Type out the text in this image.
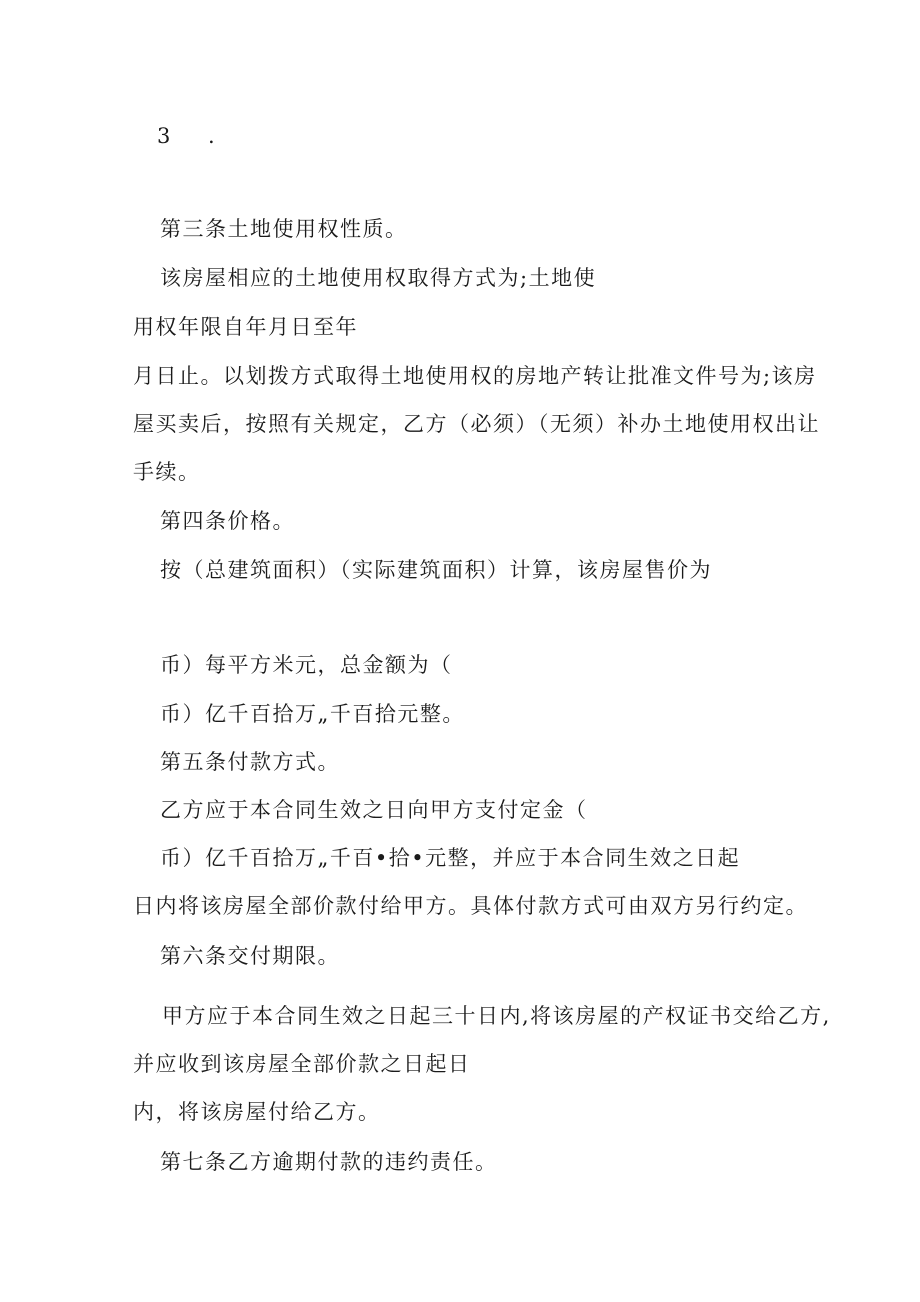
3 .
第三条土地使用权性质。
该房屋相应的土地使用权取得方式为;土地使
用权年限自年月日至年
月日止。以划拨方式取得土地使用权的房地产转让批准文件号为;该房
屋买卖后，按照有关规定，乙方（必须）（无须）补办土地使用权出让
手续。
第四条价格。
按（总建筑面积）（实际建筑面积）计算，该房屋售价为
币）每平方米元，总金额为（
币）亿千百拾万„千百拾元整。
第五条付款方式。
乙方应于本合同生效之日向甲方支付定金（
币）亿千百拾万„千百•拾•元整，并应于本合同生效之日起
日内将该房屋全部价款付给甲方。具体付款方式可由双方另行约定。
第六条交付期限。
甲方应于本合同生效之日起三十日内,将该房屋的产权证书交给乙方,
并应收到该房屋全部价款之日起日
内，将该房屋付给乙方。
第七条乙方逾期付款的违约责任。
